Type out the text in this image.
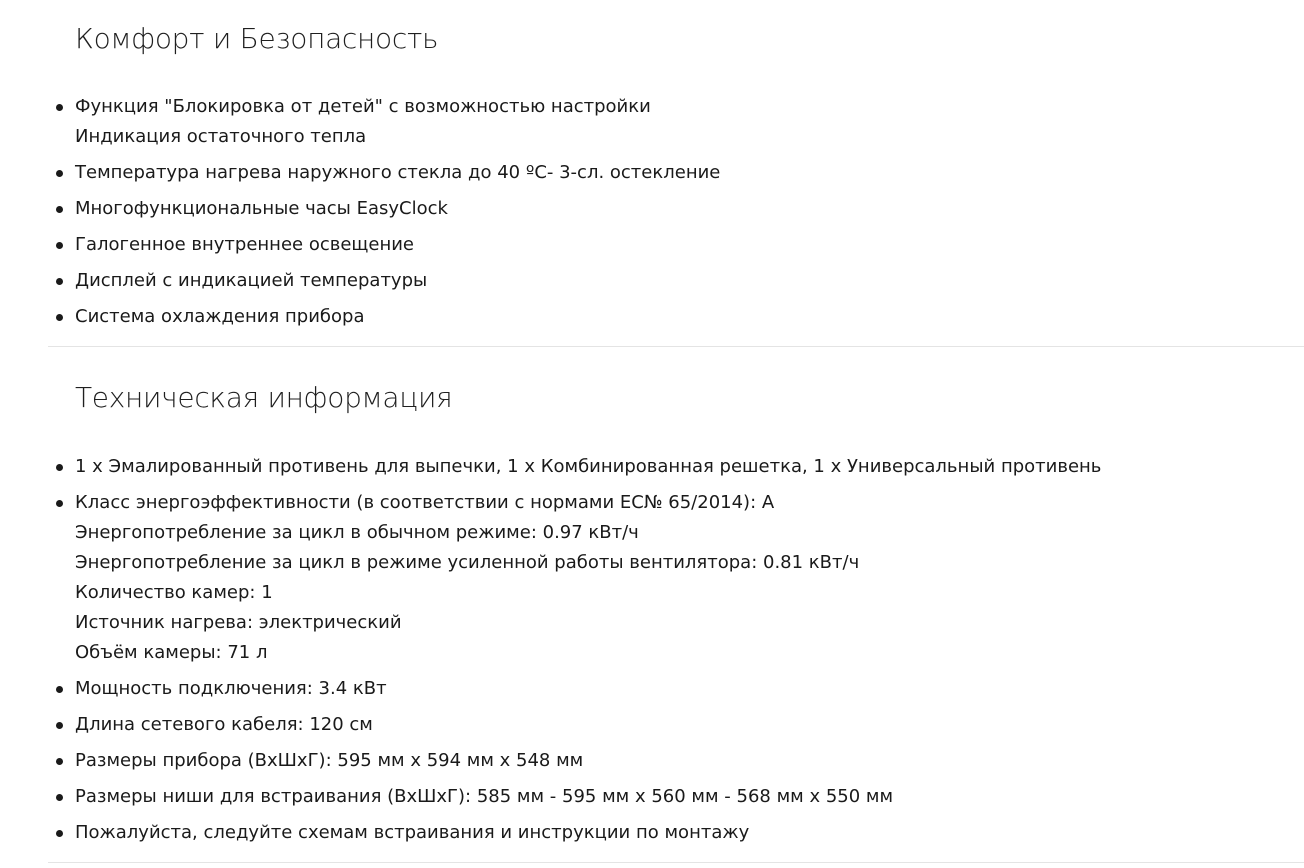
Комфорт и Безопасность
Функция "Блокировка от детей" с возможностью настройки
Индикация остаточного тепла
Температура нагрева наружного стекла до 40 ºC- 3-сл. остекление
Многофункциональные часы EasyClock
Галогенное внутреннее освещение
Дисплей с индикацией температуры
Система охлаждения прибора
Техническая информация
1 x Эмалированный противень для выпечки, 1 x Комбинированная решетка, 1 x Универсальный противень
Класс энергоэффективности (в соответствии с нормами EC№ 65/2014): A
Энергопотребление за цикл в обычном режиме: 0.97 кВт/ч
Энергопотребление за цикл в режиме усиленной работы вентилятора: 0.81 кВт/ч
Количество камер: 1
Источник нагрева: электрический
Объём камеры: 71 л
Мощность подключения: 3.4 кВт
Длина сетевого кабеля: 120 см
Размеры прибора (ВxШxГ): 595 мм x 594 мм x 548 мм
Размеры ниши для встраивания (ВxШxГ): 585 мм - 595 мм x 560 мм - 568 мм x 550 мм
Пожалуйста, следуйте схемам встраивания и инструкции по монтажу
